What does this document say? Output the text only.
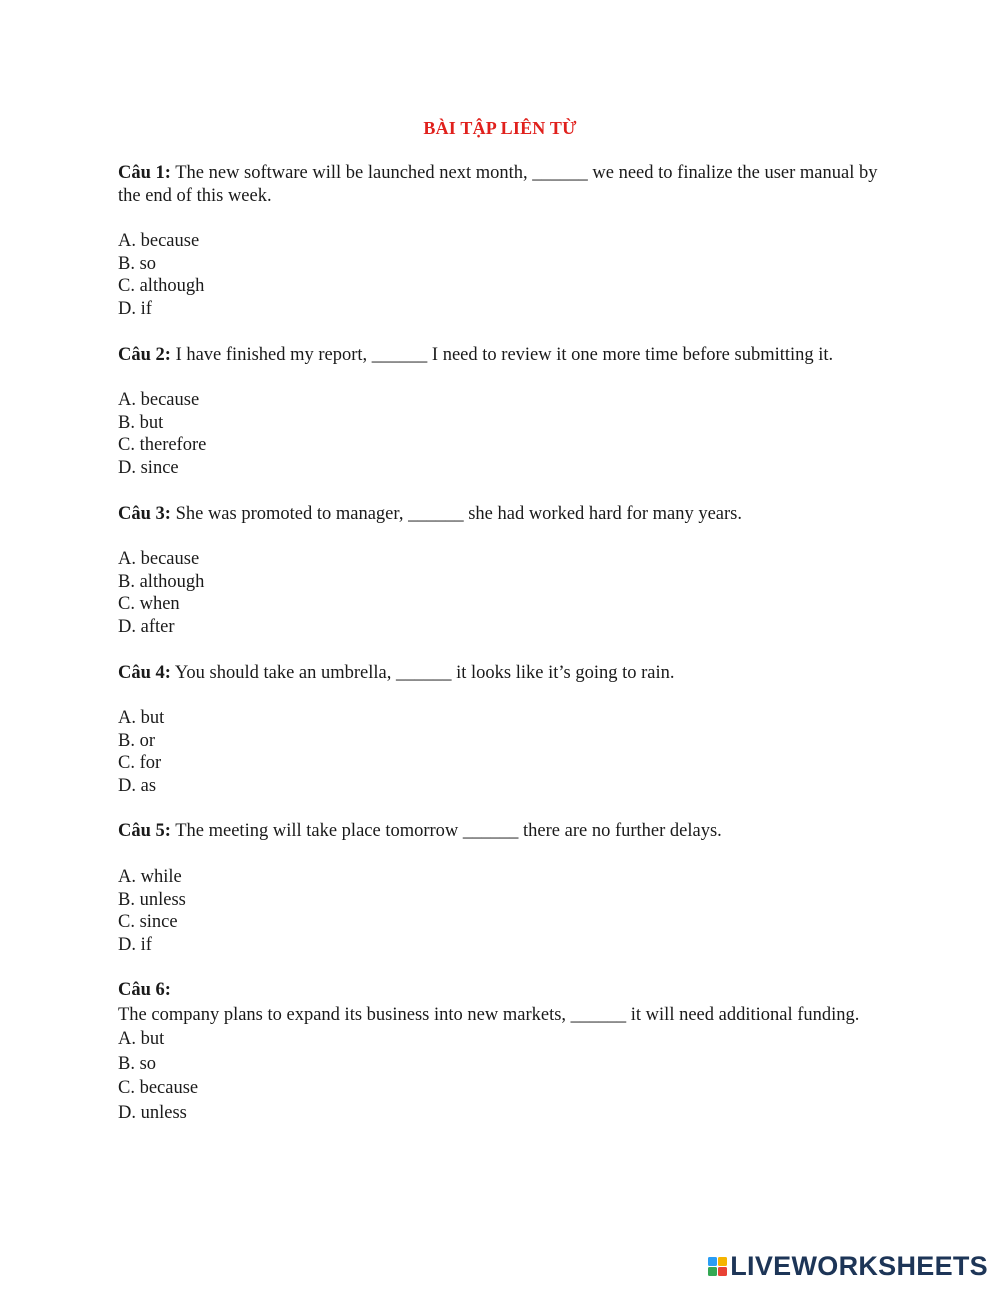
BÀI TẬP LIÊN TỪ
Câu 1: The new software will be launched next month, ______ we need to finalize the user manual by the end of this week.
A. because
B. so
C. although
D. if
Câu 2: I have finished my report, ______ I need to review it one more time before submitting it.
A. because
B. but
C. therefore
D. since
Câu 3: She was promoted to manager, ______ she had worked hard for many years.
A. because
B. although
C. when
D. after
Câu 4: You should take an umbrella, ______ it looks like it’s going to rain.
A. but
B. or
C. for
D. as
Câu 5: The meeting will take place tomorrow ______ there are no further delays.
A. while
B. unless
C. since
D. if
Câu 6:
The company plans to expand its business into new markets, ______ it will need additional funding.
A. but
B. so
C. because
D. unless
LIVEWORKSHEETS
